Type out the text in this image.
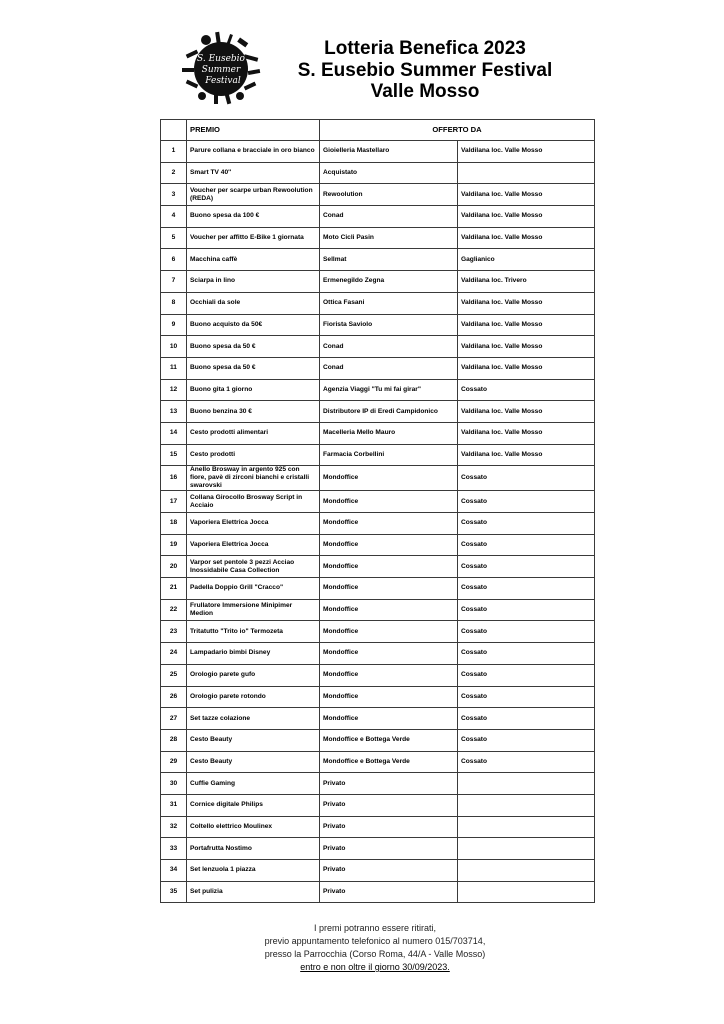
S. Eusebio
Summer
Festival
Lotteria Benefica 2023
S. Eusebio Summer Festival
Valle Mosso
	PREMIO	OFFERTO DA	
1	Parure collana e bracciale in oro bianco	Gioielleria Mastellaro	Valdilana loc. Valle Mosso
2	Smart TV 40''	Acquistato	
3	Voucher per scarpe urban Rewoolution (REDA)	Rewoolution	Valdilana loc. Valle Mosso
4	Buono spesa da 100 €	Conad	Valdilana loc. Valle Mosso
5	Voucher per affitto E-Bike 1 giornata	Moto Cicli Pasin	Valdilana loc. Valle Mosso
6	Macchina caffè	Sellmat	Gaglianico
7	Sciarpa in lino	Ermenegildo Zegna	Valdilana loc. Trivero
8	Occhiali da sole	Ottica Fasani	Valdilana loc. Valle Mosso
9	Buono acquisto da 50€	Fiorista Saviolo	Valdilana loc. Valle Mosso
10	Buono spesa da 50 €	Conad	Valdilana loc. Valle Mosso
11	Buono spesa da 50 €	Conad	Valdilana loc. Valle Mosso
12	Buono gita 1 giorno	Agenzia Viaggi "Tu mi fai girar"	Cossato
13	Buono benzina 30 €	Distributore IP di Eredi Campidonico	Valdilana loc. Valle Mosso
14	Cesto prodotti alimentari	Macelleria Mello Mauro	Valdilana loc. Valle Mosso
15	Cesto prodotti	Farmacia Corbellini	Valdilana loc. Valle Mosso
16	Anello Brosway in argento 925 con fiore, pavè di zirconi bianchi e cristalli swarovski	Mondoffice	Cossato
17	Collana Girocollo Brosway Script in Acciaio	Mondoffice	Cossato
18	Vaporiera Elettrica Jocca	Mondoffice	Cossato
19	Vaporiera Elettrica Jocca	Mondoffice	Cossato
20	Varpor set pentole 3 pezzi Acciao Inossidabile Casa Collection	Mondoffice	Cossato
21	Padella Doppio Grill "Cracco"	Mondoffice	Cossato
22	Frullatore Immersione Minipimer Medion	Mondoffice	Cossato
23	Tritatutto "Trito io" Termozeta	Mondoffice	Cossato
24	Lampadario bimbi Disney	Mondoffice	Cossato
25	Orologio parete gufo	Mondoffice	Cossato
26	Orologio parete rotondo	Mondoffice	Cossato
27	Set tazze colazione	Mondoffice	Cossato
28	Cesto Beauty	Mondoffice e Bottega Verde	Cossato
29	Cesto Beauty	Mondoffice e Bottega Verde	Cossato
30	Cuffie Gaming	Privato	
31	Cornice digitale Philips	Privato	
32	Coltello elettrico Moulinex	Privato	
33	Portafrutta Nostimo	Privato	
34	Set lenzuola 1 piazza	Privato	
35	Set pulizia	Privato	
I premi potranno essere ritirati,
previo appuntamento telefonico al numero 015/703714,
presso la Parrocchia (Corso Roma, 44/A - Valle Mosso)
entro e non oltre il giorno 30/09/2023.
